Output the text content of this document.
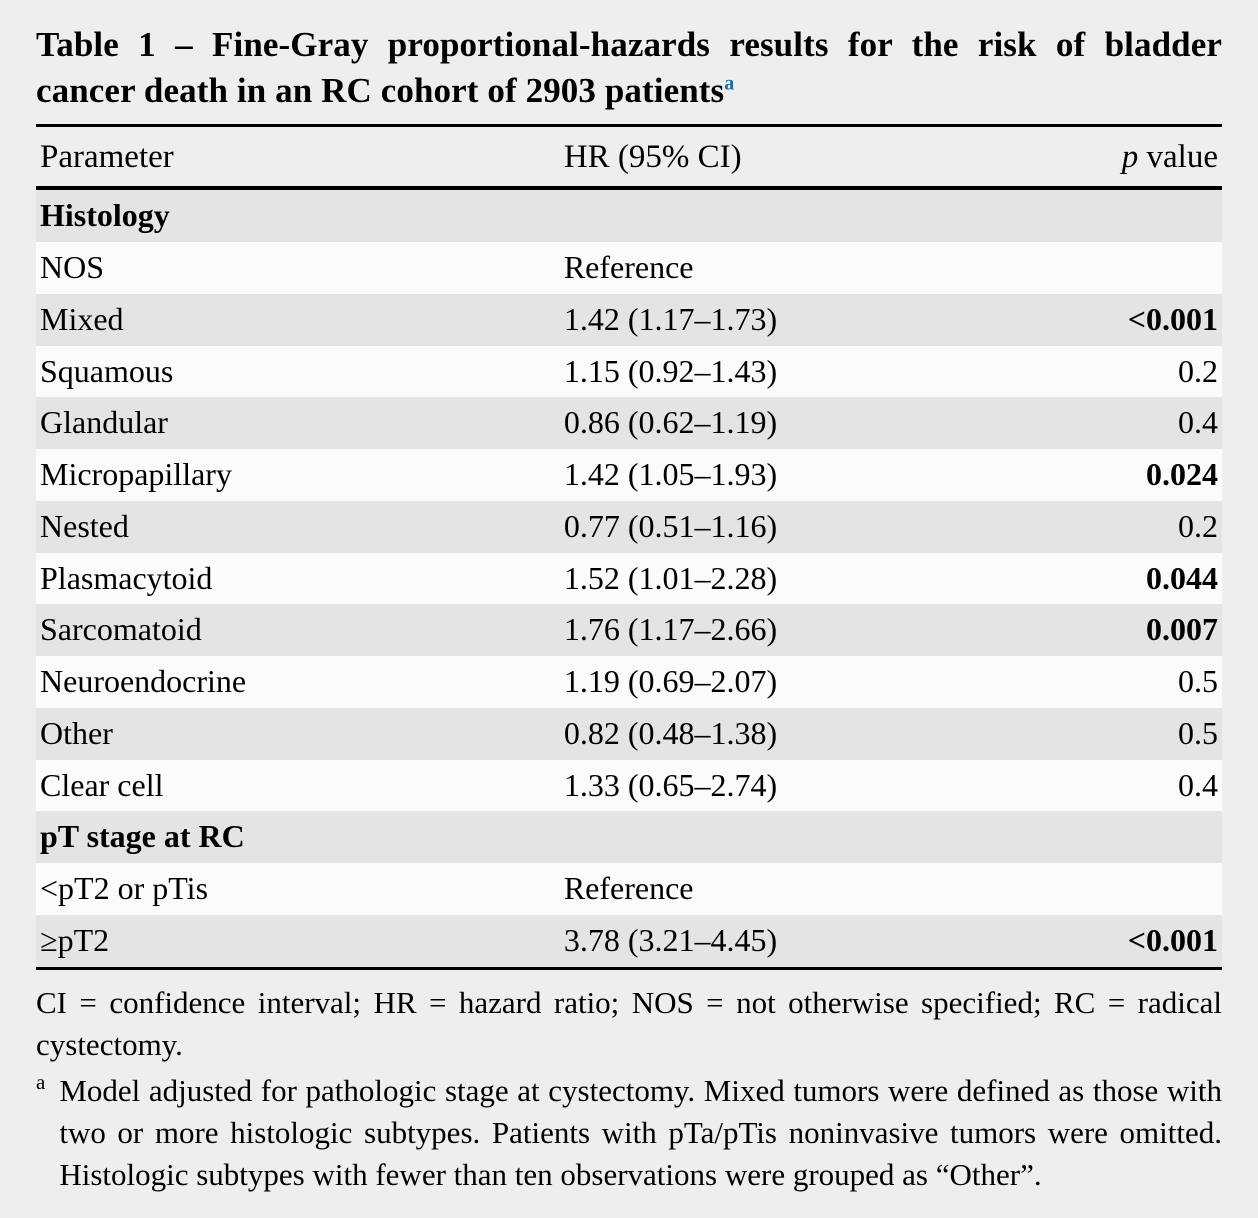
Table 1 – Fine-Gray proportional-hazards results for the risk of bladder cancer death in an RC cohort of 2903 patients$^a$
Parameter	HR (95% CI)	p value
Histology		
NOS	Reference	
Mixed	1.42 (1.17–1.73)	<0.001
Squamous	1.15 (0.92–1.43)	0.2
Glandular	0.86 (0.62–1.19)	0.4
Micropapillary	1.42 (1.05–1.93)	0.024
Nested	0.77 (0.51–1.16)	0.2
Plasmacytoid	1.52 (1.01–2.28)	0.044
Sarcomatoid	1.76 (1.17–2.66)	0.007
Neuroendocrine	1.19 (0.69–2.07)	0.5
Other	0.82 (0.48–1.38)	0.5
Clear cell	1.33 (0.65–2.74)	0.4
pT stage at RC		
<pT2 or pTis	Reference	
≥pT2	3.78 (3.21–4.45)	<0.001
CI = confidence interval; HR = hazard ratio; NOS = not otherwise specified; RC = radical cystectomy.
a Model adjusted for pathologic stage at cystectomy. Mixed tumors were defined as those with two or more histologic subtypes. Patients with pTa/pTis noninvasive tumors were omitted. Histologic subtypes with fewer than ten observations were grouped as “Other”.
